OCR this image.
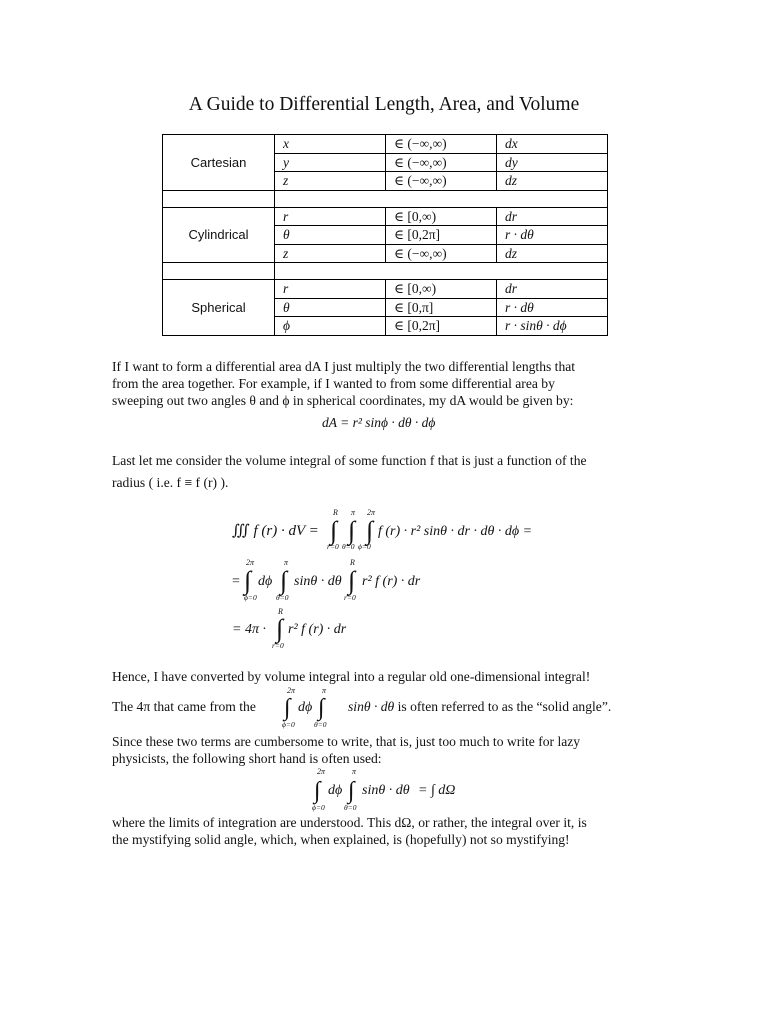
A Guide to Differential Length, Area, and Volume
Cartesian	x	∈ (−∞,∞)	dx
	y	∈ (−∞,∞)	dy
	z	∈ (−∞,∞)	dz

Cylindrical	r	∈ [0,∞)	dr
	θ	∈ [0,2π]	r · dθ
	z	∈ (−∞,∞)	dz

Spherical	r	∈ [0,∞)	dr
	θ	∈ [0,π]	r · dθ
	ϕ	∈ [0,2π]	r · sinθ · dϕ
If I want to form a differential area dA I just multiply the two differential lengths that
from the area together. For example, if I wanted to from some differential area by
sweeping out two angles θ and ϕ in spherical coordinates, my dA would be given by:
dA = r² sinϕ · dθ · dϕ
Last let me consider the volume integral of some function f that is just a function of the
radius ( i.e. f ≡ f (r) ).
∭ f (r) · dV = ∫ ∫ ∫
R π 2π
r=0 θ=0 ϕ=0
f (r) · r² sinθ · dr · dθ · dϕ =
= ∫
2π
ϕ=0
dϕ ∫
π
θ=0
sinθ · dθ ∫
R
r=0
r² f (r) · dr
= 4π · ∫
R
r=0
r² f (r) · dr
Hence, I have converted by volume integral into a regular old one-dimensional integral!
The 4π that came from the	∫
2π
ϕ=0
dϕ ∫
π
θ=0
sinθ · dθ is often referred to as the “solid angle”.
Since these two terms are cumbersome to write, that is, just too much to write for lazy
physicists, the following short hand is often used:
∫
2π
ϕ=0
dϕ ∫
π
θ=0
sinθ · dθ = ∫ dΩ
where the limits of integration are understood. This dΩ, or rather, the integral over it, is
the mystifying solid angle, which, when explained, is (hopefully) not so mystifying!
